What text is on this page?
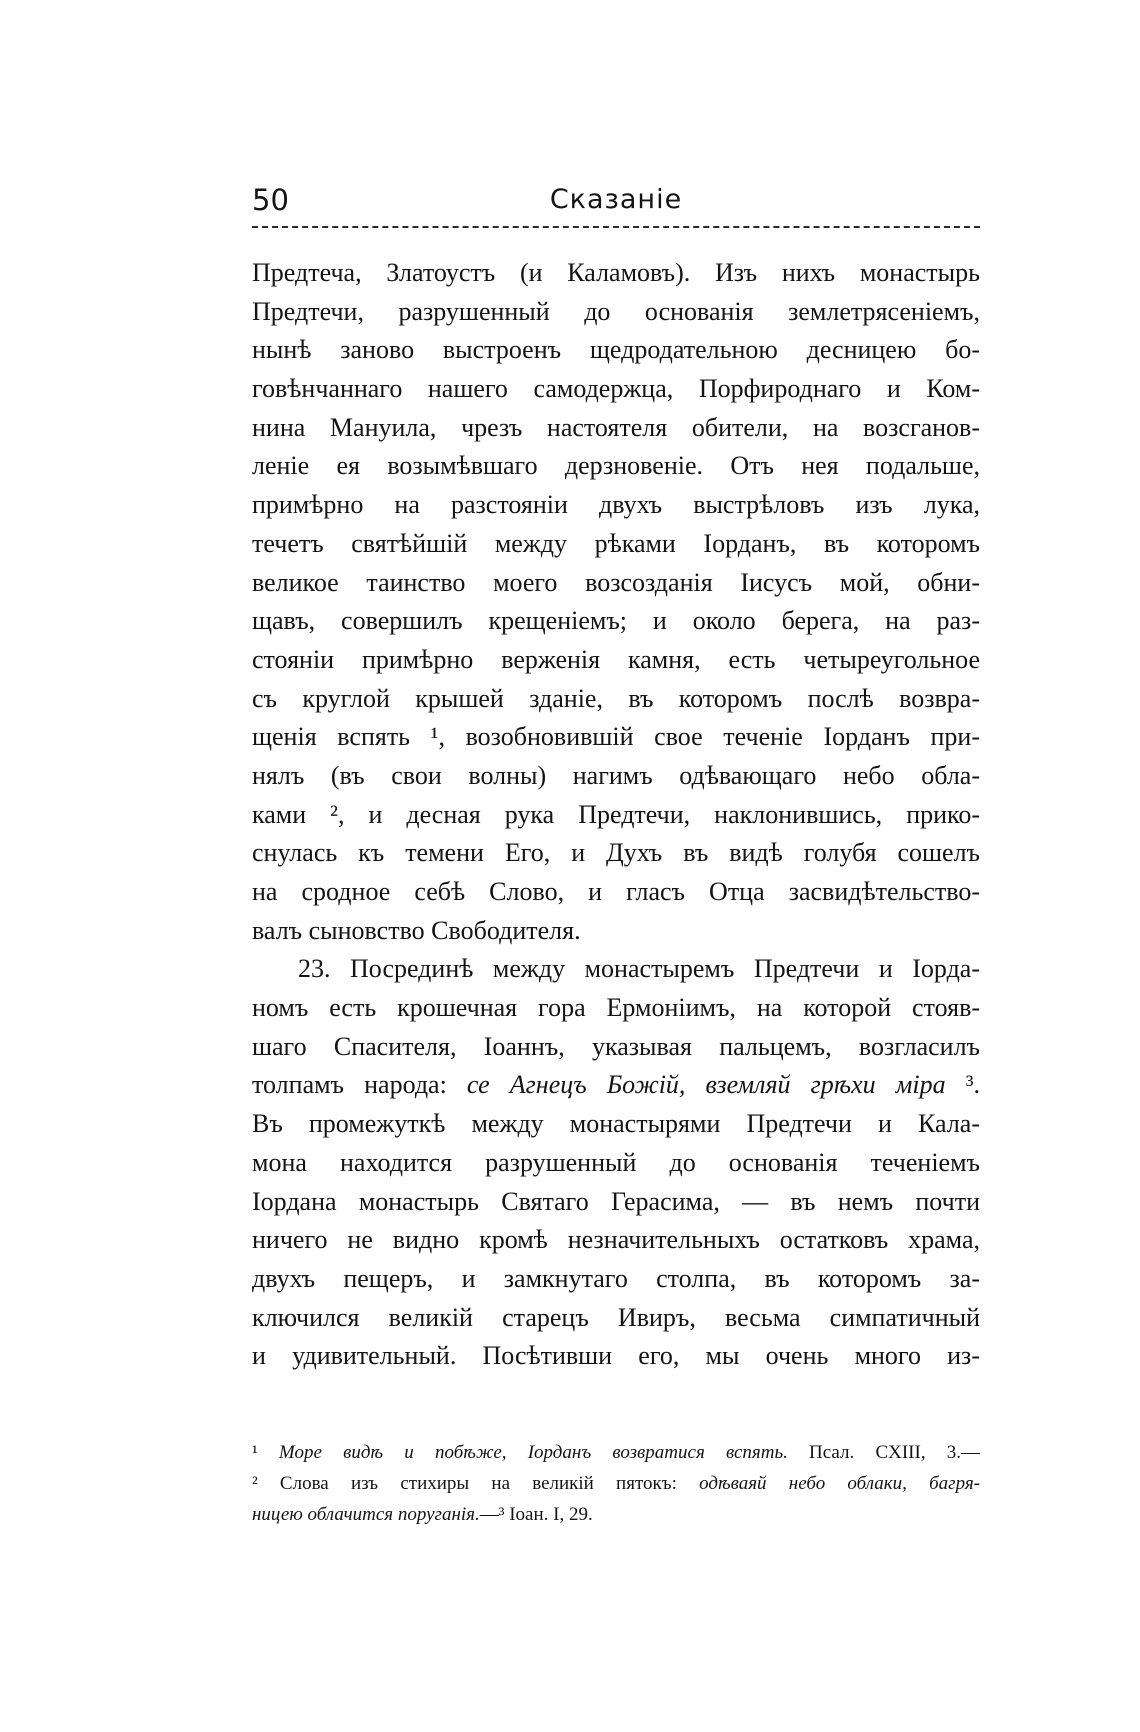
50	Сказаніе
Предтеча, Златоустъ (и Каламовъ). Изъ нихъ монастырь
Предтечи, разрушенный до основанія землетрясеніемъ,
нынѣ заново выстроенъ щедродательною десницею бо-
говѣнчаннаго нашего самодержца, Порфироднаго и Ком-
нина Мануила, чрезъ настоятеля обители, на возсганов-
леніе ея возымѣвшаго дерзновеніе. Отъ нея подальше,
примѣрно на разстояніи двухъ выстрѣловъ изъ лука,
течетъ святѣйшій между рѣками Іорданъ, въ которомъ
великое таинство моего возсозданія Іисусъ мой, обни-
щавъ, совершилъ крещеніемъ; и около берега, на раз-
стояніи примѣрно верженія камня, есть четыреугольное
съ круглой крышей зданіе, въ которомъ послѣ возвра-
щенія вспять ¹, возобновившій свое теченіе Іорданъ при-
нялъ (въ свои волны) нагимъ одѣвающаго небо обла-
ками ², и десная рука Предтечи, наклонившись, прико-
снулась къ темени Его, и Духъ въ видѣ голубя сошелъ
на сродное себѣ Слово, и гласъ Отца засвидѣтельство-
валъ сыновство Свободителя.
23. Посрединѣ между монастыремъ Предтечи и Іорда-
номъ есть крошечная гора Ермоніимъ, на которой стояв-
шаго Спасителя, Іоаннъ, указывая пальцемъ, возгласилъ
толпамъ народа: се Агнецъ Божій, вземляй грѣхи міра ³.
Въ промежуткѣ между монастырями Предтечи и Кала-
мона находится разрушенный до основанія теченіемъ
Іордана монастырь Святаго Герасима, — въ немъ почти
ничего не видно кромѣ незначительныхъ остатковъ храма,
двухъ пещеръ, и замкнутаго столпа, въ которомъ за-
ключился великій старецъ Ивиръ, весьма симпатичный
и удивительный. Посѣтивши его, мы очень много из-
¹ Море видѣ и побѣже, Іорданъ возвратися вспять. Псал. CXIII, 3.—
² Слова изъ стихиры на великій пятокъ: одѣваяй небо облаки, багря-
ницею облачится поруганія.—³ Іоан. I, 29.
